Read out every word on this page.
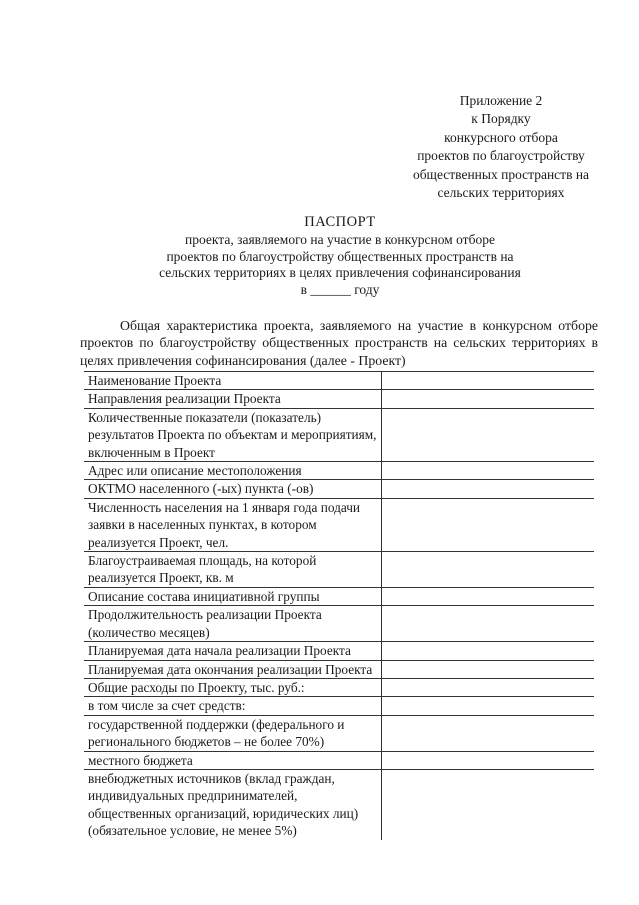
Приложение 2
к Порядку
конкурсного отбора
проектов по благоустройству
общественных пространств на
сельских территориях
ПАСПОРТ
проекта, заявляемого на участие в конкурсном отборе
проектов по благоустройству общественных пространств на
сельских территориях в целях привлечения софинансирования
в ______ году
Общая характеристика проекта, заявляемого на участие в конкурсном отборе проектов по благоустройству общественных пространств на сельских территориях в целях привлечения софинансирования (далее - Проект)
Наименование Проекта	
Направления реализации Проекта	
Количественные показатели (показатель) результатов Проекта по объектам и мероприятиям, включенным в Проект	
Адрес или описание местоположения	
ОКТМО населенного (-ых) пункта (-ов)	
Численность населения на 1 января года подачи заявки в населенных пунктах, в котором реализуется Проект, чел.	
Благоустраиваемая площадь, на которой реализуется Проект, кв. м	
Описание состава инициативной группы	
Продолжительность реализации Проекта (количество месяцев)	
Планируемая дата начала реализации Проекта	
Планируемая дата окончания реализации Проекта	
Общие расходы по Проекту, тыс. руб.:	
в том числе за счет средств:	
государственной поддержки (федерального и регионального бюджетов – не более 70%)	
местного бюджета	
внебюджетных источников (вклад граждан, индивидуальных предпринимателей, общественных организаций, юридических лиц) (обязательное условие, не менее 5%)	
